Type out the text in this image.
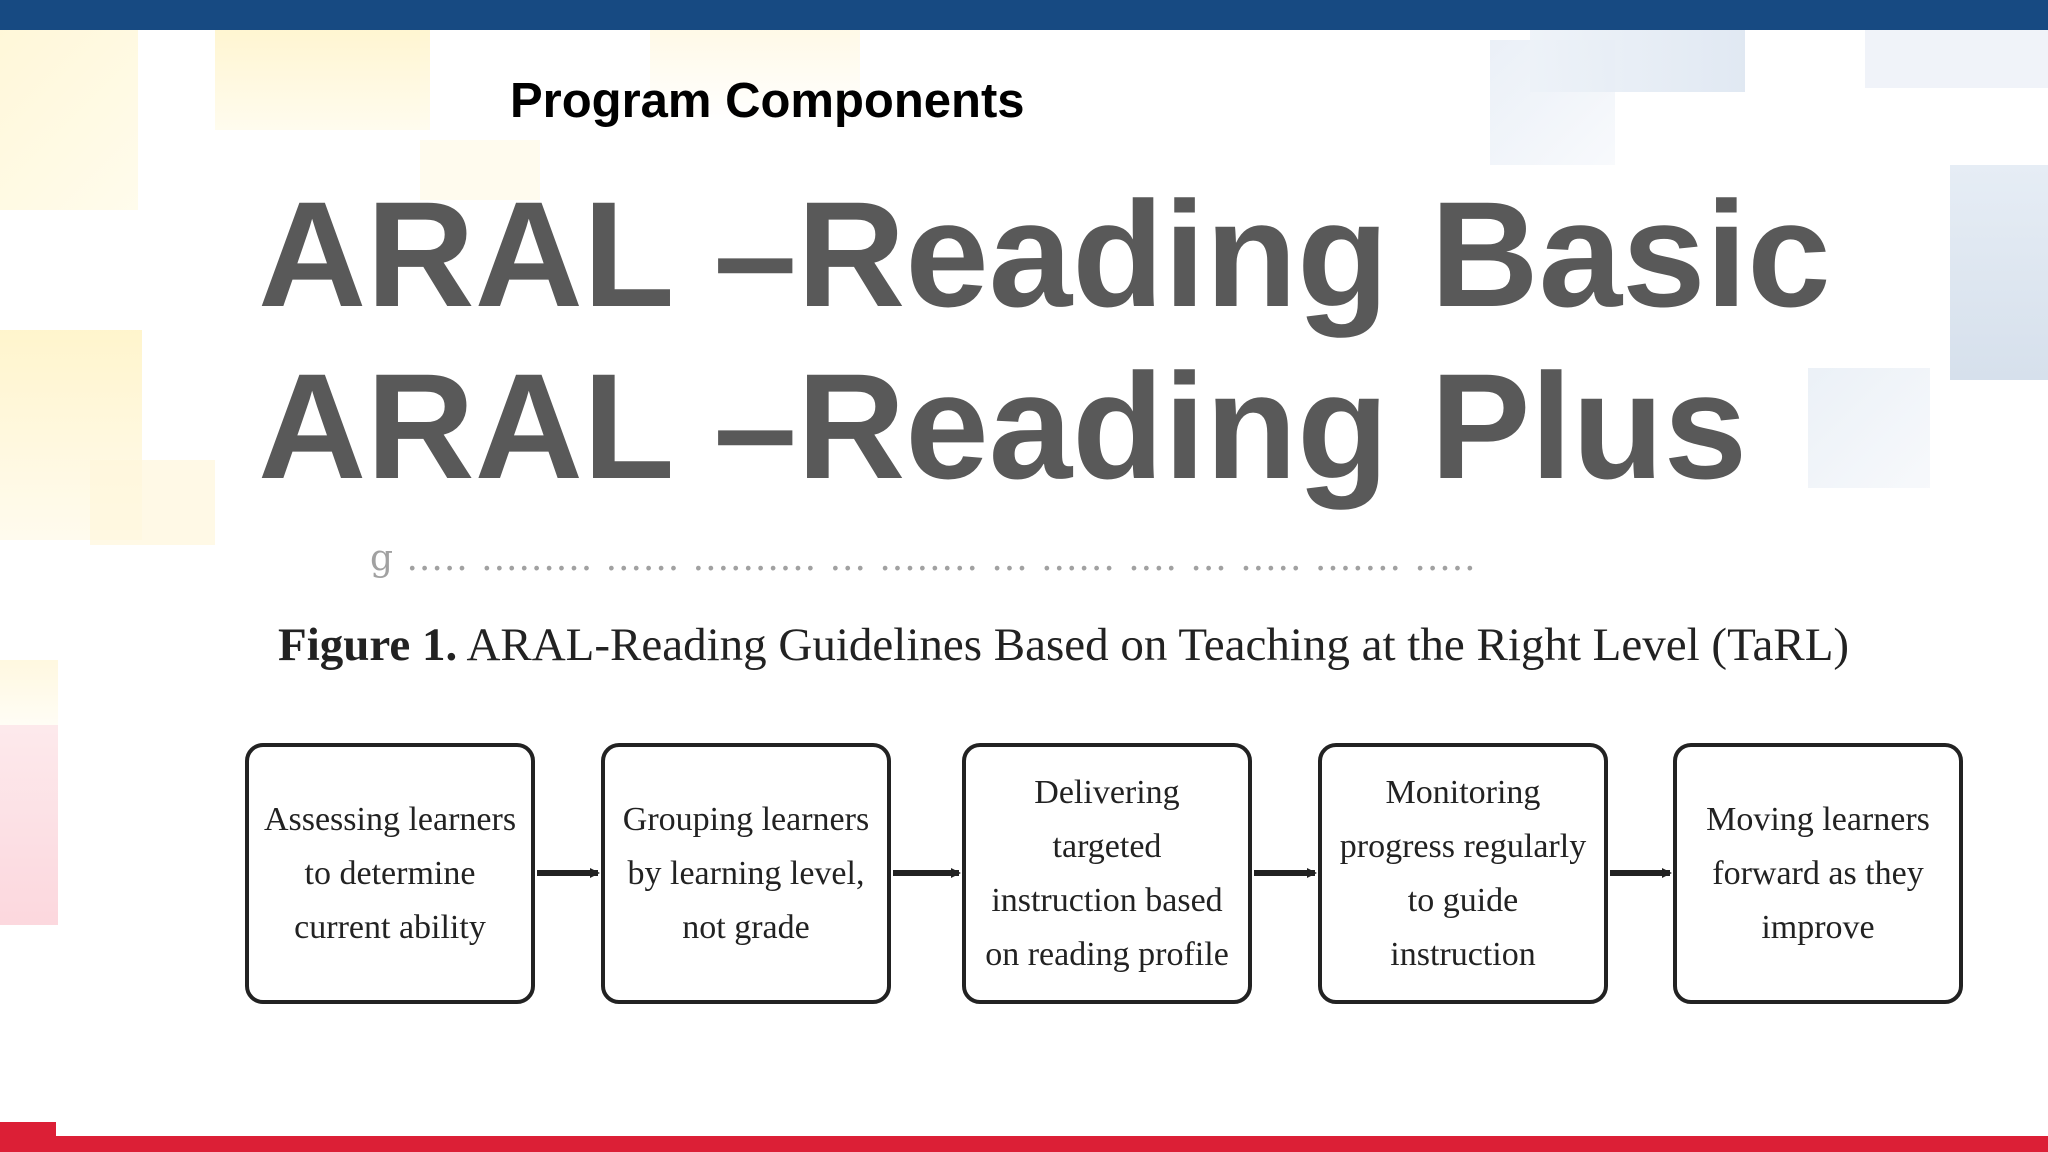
Program Components

ARAL –Reading Basic
ARAL –Reading Plus
g ..... ......... ...... .......... ... ........ ... ...... .... ... ..... ....... .....

Figure 1. ARAL-Reading Guidelines Based on Teaching at the Right Level (TaRL)

Assessing learners
to determine
current ability
Grouping learners
by learning level,
not grade
Delivering
targeted
instruction based
on reading profile
Monitoring
progress regularly
to guide
instruction
Moving learners
forward as they
improve
